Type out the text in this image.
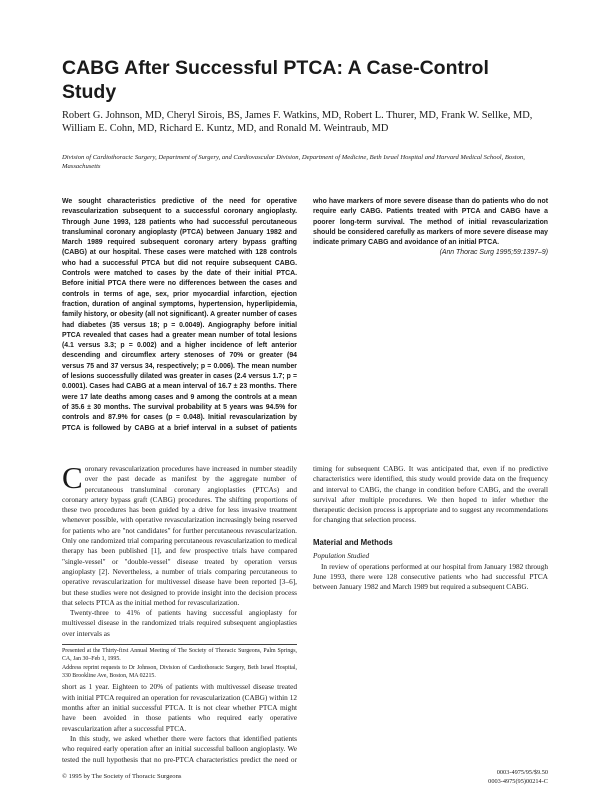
CABG After Successful PTCA: A Case-Control Study

Robert G. Johnson, MD, Cheryl Sirois, BS, James F. Watkins, MD, Robert L. Thurer, MD, Frank W. Sellke, MD, William E. Cohn, MD, Richard E. Kuntz, MD, and Ronald M. Weintraub, MD

Division of Cardiothoracic Surgery, Department of Surgery, and Cardiovascular Division, Department of Medicine, Beth Israel Hospital and Harvard Medical School, Boston, Massachusetts

We sought characteristics predictive of the need for operative revascularization subsequent to a successful coronary angioplasty. Through June 1993, 128 patients who had successful percutaneous transluminal coronary angioplasty (PTCA) between January 1982 and March 1989 required subsequent coronary artery bypass grafting (CABG) at our hospital. These cases were matched with 128 controls who had a successful PTCA but did not require subsequent CABG. Controls were matched to cases by the date of their initial PTCA. Before initial PTCA there were no differences between the cases and controls in terms of age, sex, prior myocardial infarction, ejection fraction, duration of anginal symptoms, hypertension, hyperlipidemia, family history, or obesity (all not significant). A greater number of cases had diabetes (35 versus 18; p = 0.0049). Angiography before initial PTCA revealed that cases had a greater mean number of total lesions (4.1 versus 3.3; p = 0.002) and a higher incidence of left anterior descending and circumflex artery stenoses of 70% or greater (94 versus 75 and 37 versus 34, respectively; p = 0.006). The mean number of lesions successfully dilated was greater in cases (2.4 versus 1.7; p = 0.0001). Cases had CABG at a mean interval of 16.7 ± 23 months. There were 17 late deaths among cases and 9 among the controls at a mean of 35.6 ± 30 months. The survival probability at 5 years was 94.5% for controls and 87.9% for cases (p = 0.048). Initial revascularization by PTCA is followed by CABG at a brief interval in a subset of patients who have markers of more severe disease than do patients who do not require early CABG. Patients treated with PTCA and CABG have a poorer long-term survival. The method of initial revascularization should be considered carefully as markers of more severe disease may indicate primary CABG and avoidance of an initial PTCA.
(Ann Thorac Surg 1995;59:1397–9)

Coronary revascularization procedures have increased in number steadily over the past decade as manifest by the aggregate number of percutaneous transluminal coronary angioplasties (PTCAs) and coronary artery bypass graft (CABG) procedures. The shifting proportions of these two procedures has been guided by a drive for less invasive treatment whenever possible, with operative revascularization increasingly being reserved for patients who are "not candidates" for further percutaneous revascularization. Only one randomized trial comparing percutaneous revascularization to medical therapy has been published [1], and few prospective trials have compared "single-vessel" or "double-vessel" disease treated by operation versus angioplasty [2]. Nevertheless, a number of trials comparing percutaneous to operative revascularization for multivessel disease have been reported [3–6], but these studies were not designed to provide insight into the decision process that selects PTCA as the initial method for revascularization.

Twenty-three to 41% of patients having successful angioplasty for multivessel disease in the randomized trials required subsequent angioplasties over intervals as

Presented at the Thirty-first Annual Meeting of The Society of Thoracic Surgeons, Palm Springs, CA, Jan 30–Feb 1, 1995.

Address reprint requests to Dr Johnson, Division of Cardiothoracic Surgery, Beth Israel Hospital, 330 Brookline Ave, Boston, MA 02215.

short as 1 year. Eighteen to 20% of patients with multivessel disease treated with initial PTCA required an operation for revascularization (CABG) within 12 months after an initial successful PTCA. It is not clear whether PTCA might have been avoided in those patients who required early operative revascularization after a successful PTCA.

In this study, we asked whether there were factors that identified patients who required early operation after an initial successful balloon angioplasty. We tested the null hypothesis that no pre-PTCA characteristics predict the need or timing for subsequent CABG. It was anticipated that, even if no predictive characteristics were identified, this study would provide data on the frequency and interval to CABG, the change in condition before CABG, and the overall survival after multiple procedures. We then hoped to infer whether the therapeutic decision process is appropriate and to suggest any recommendations for changing that selection process.

Material and Methods
Population Studied

In review of operations performed at our hospital from January 1982 through June 1993, there were 128 consecutive patients who had successful PTCA between January 1982 and March 1989 but required a subsequent CABG.

© 1995 by The Society of Thoracic Surgeons
0003-4975/95/$9.50
0003-4975(95)00214-C
